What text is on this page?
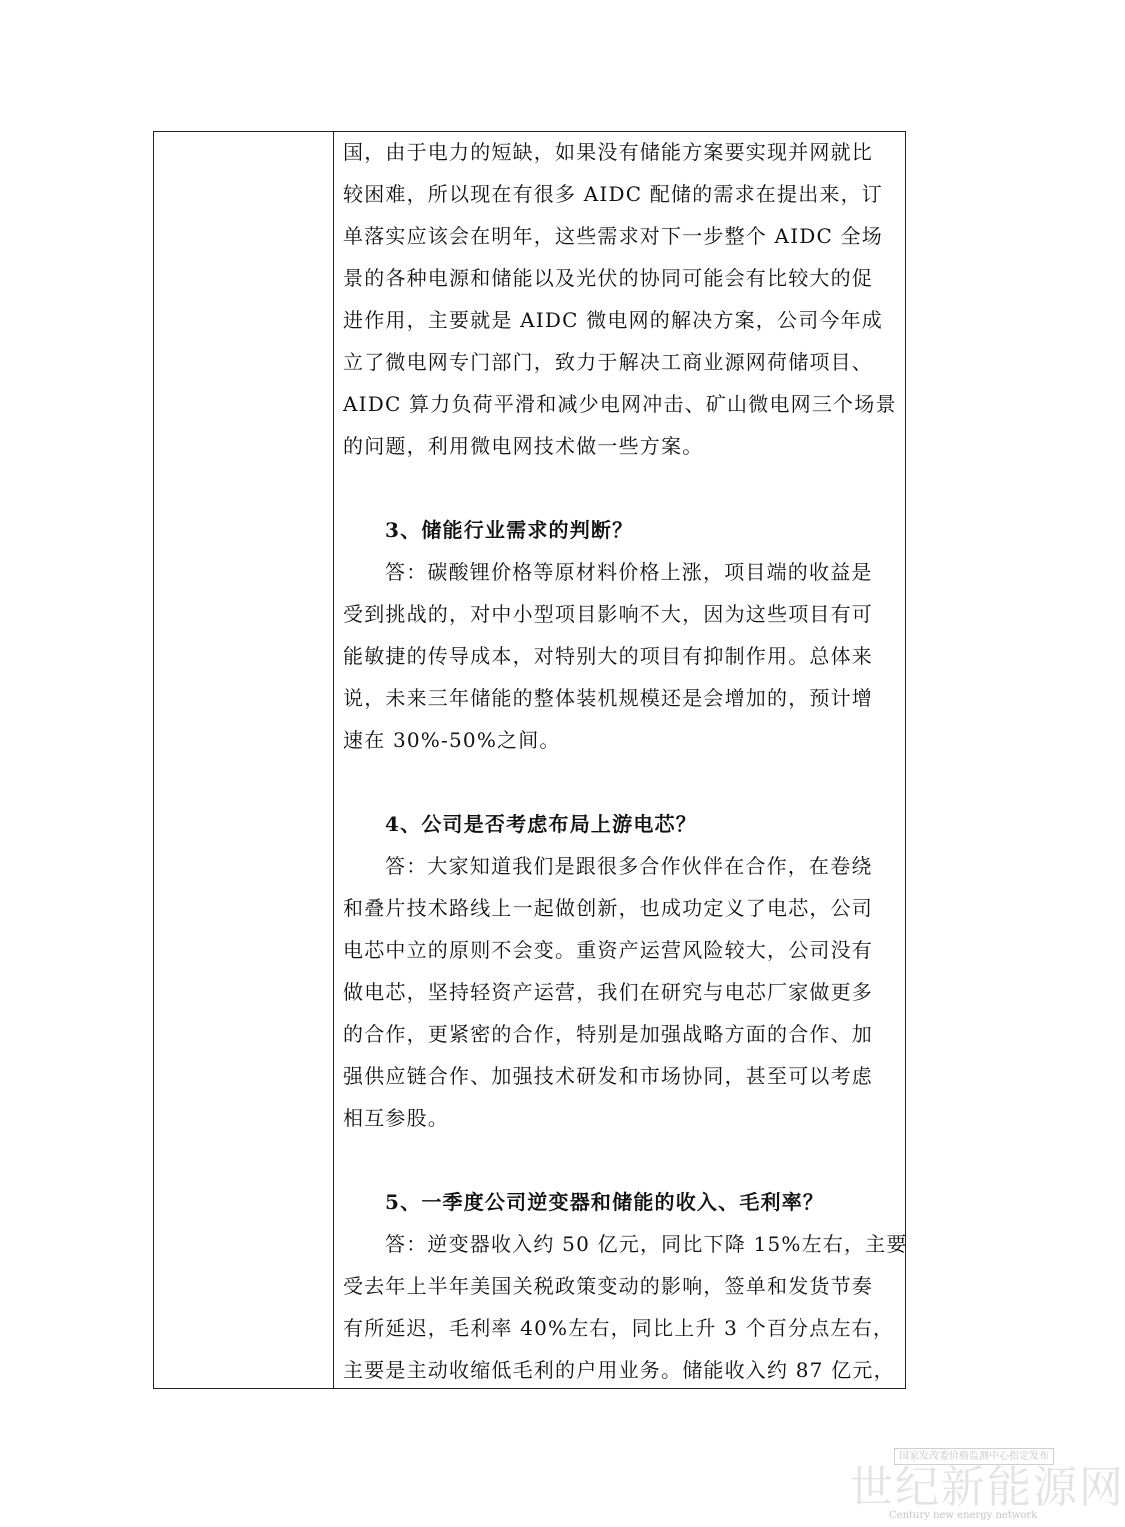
国，由于电力的短缺，如果没有储能方案要实现并网就比
较困难，所以现在有很多 AIDC 配储的需求在提出来，订
单落实应该会在明年，这些需求对下一步整个 AIDC 全场
景的各种电源和储能以及光伏的协同可能会有比较大的促
进作用，主要就是 AIDC 微电网的解决方案，公司今年成
立了微电网专门部门，致力于解决工商业源网荷储项目、
AIDC 算力负荷平滑和减少电网冲击、矿山微电网三个场景
的问题，利用微电网技术做一些方案。
3、储能行业需求的判断？
答：碳酸锂价格等原材料价格上涨，项目端的收益是
受到挑战的，对中小型项目影响不大，因为这些项目有可
能敏捷的传导成本，对特别大的项目有抑制作用。总体来
说，未来三年储能的整体装机规模还是会增加的，预计增
速在 30%-50%之间。
4、公司是否考虑布局上游电芯？
答：大家知道我们是跟很多合作伙伴在合作，在卷绕
和叠片技术路线上一起做创新，也成功定义了电芯，公司
电芯中立的原则不会变。重资产运营风险较大，公司没有
做电芯，坚持轻资产运营，我们在研究与电芯厂家做更多
的合作，更紧密的合作，特别是加强战略方面的合作、加
强供应链合作、加强技术研发和市场协同，甚至可以考虑
相互参股。
5、一季度公司逆变器和储能的收入、毛利率？
答：逆变器收入约 50 亿元，同比下降 15%左右，主要
受去年上半年美国关税政策变动的影响，签单和发货节奏
有所延迟，毛利率 40%左右，同比上升 3 个百分点左右，
主要是主动收缩低毛利的户用业务。储能收入约 87 亿元，
国家发改委价格监测中心指定发布
世纪新能源网
Century new energy network
